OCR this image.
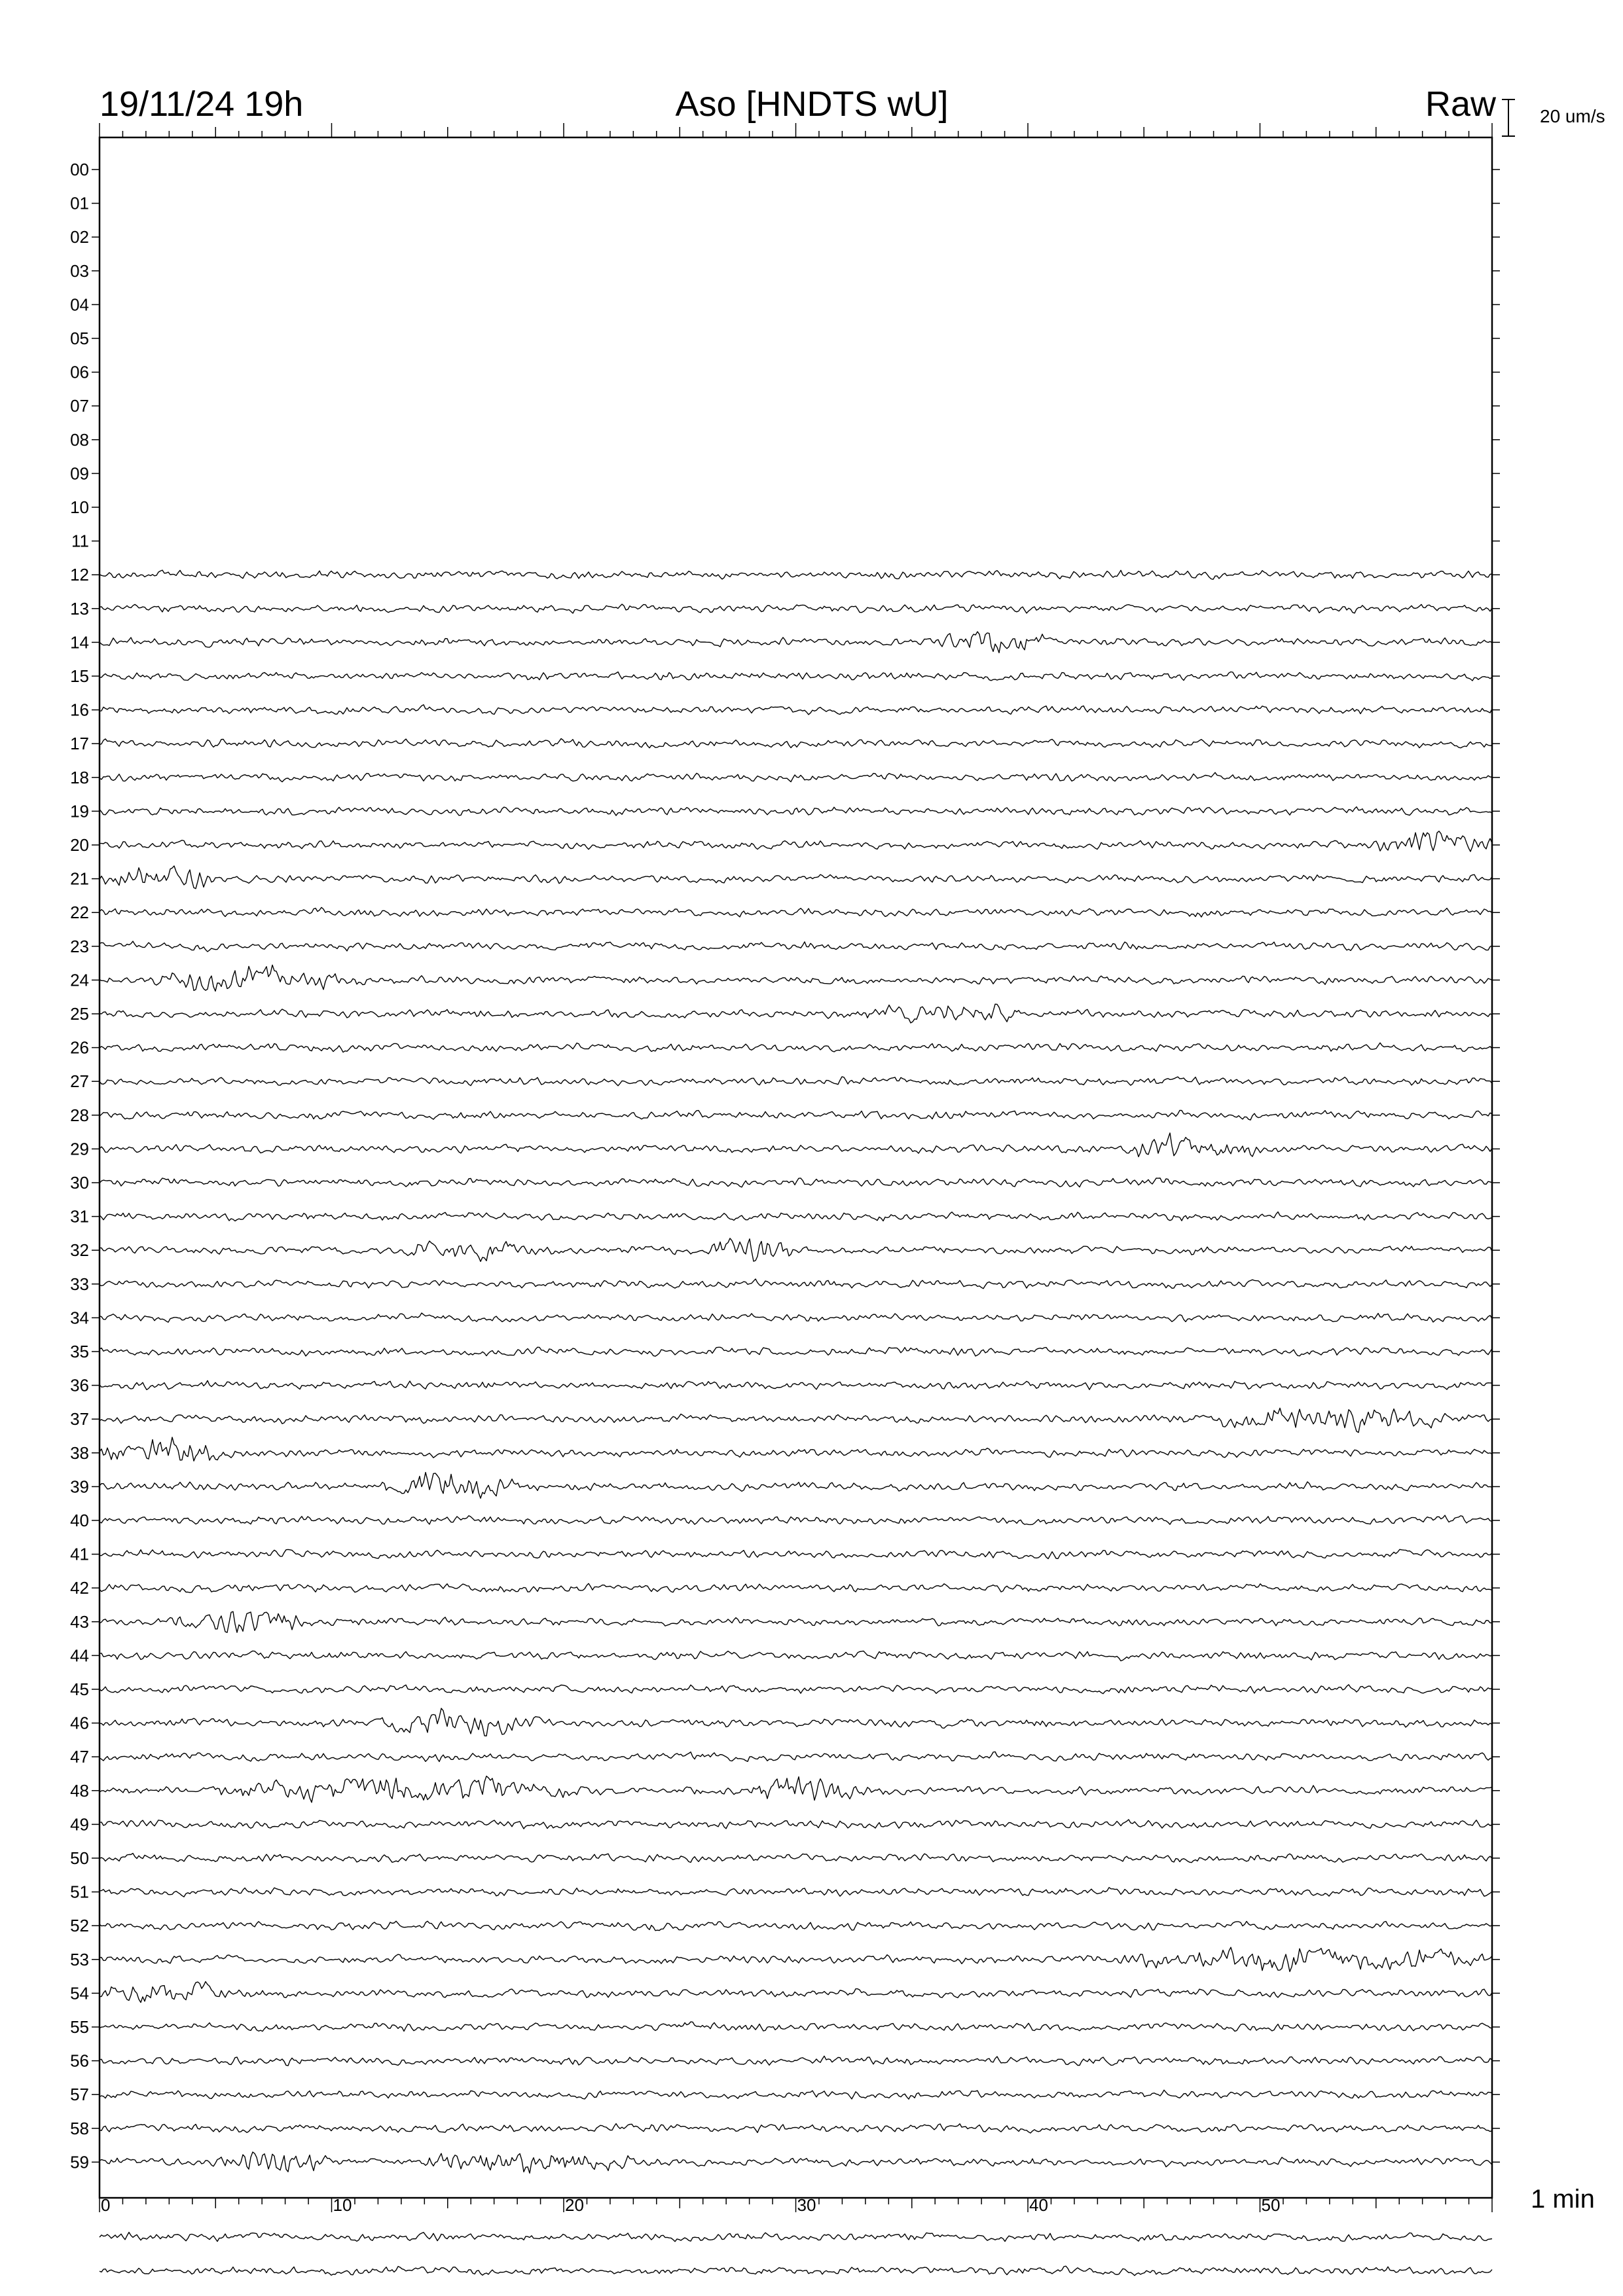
19/11/24 19h	Aso [HNDTS wU]	Raw 20 um/s
1 min
00
01
02
03
04
05
06
07
08
09
10
11
12
13
14
15
16
17
18
19
20
21
22
23
24
25
26
27
28
29
30
31
32
33
34
35
36
37
38
39
40
41
42
43
44
45
46
47
48
49
50
51
52
53
54
55
56
57
58
59
0	10	20	30	40	50
